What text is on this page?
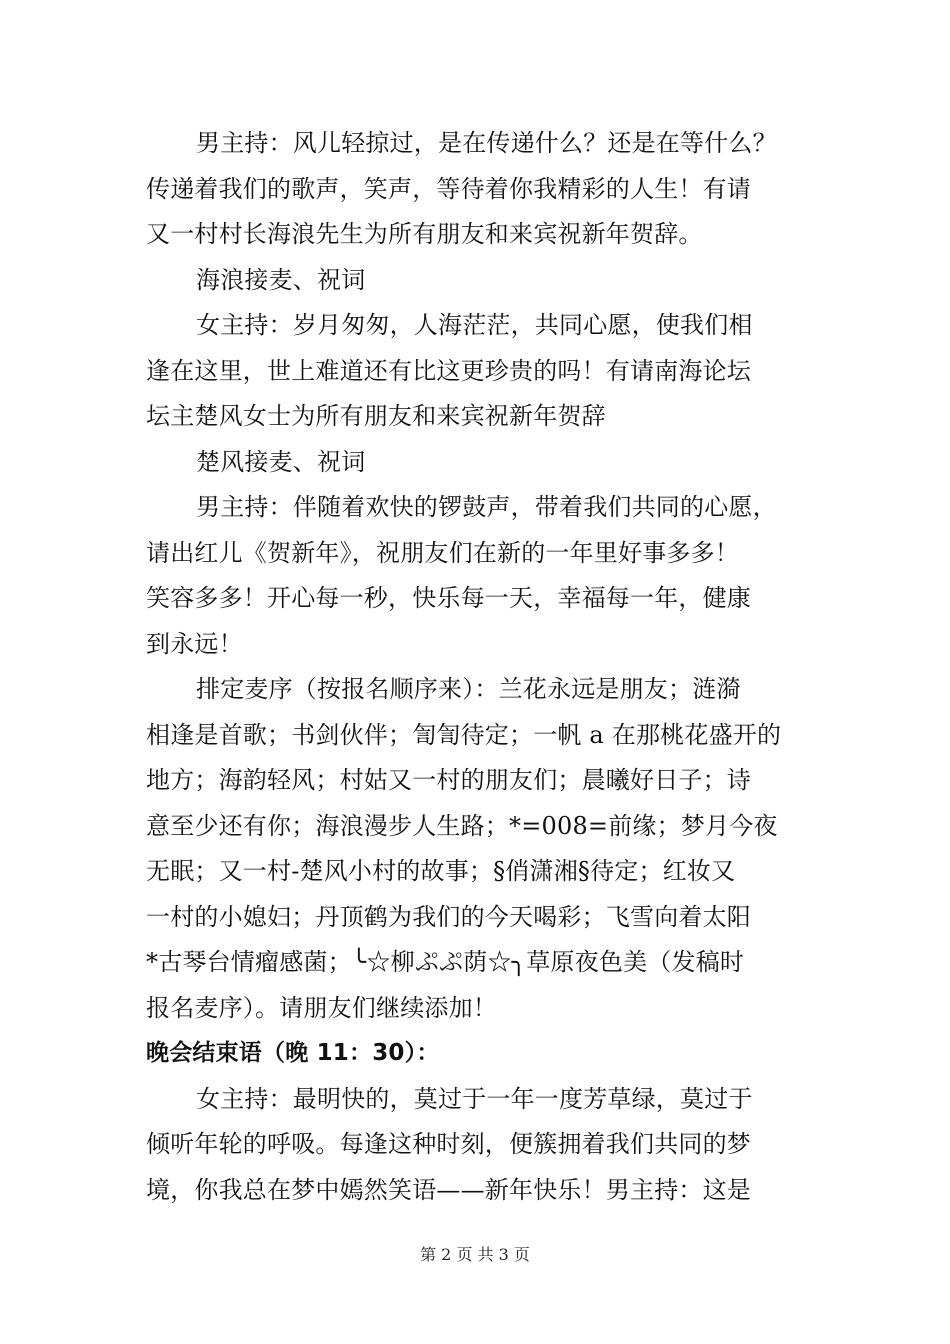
男主持：风儿轻掠过，是在传递什么？还是在等什么？
传递着我们的歌声，笑声，等待着你我精彩的人生！有请
又一村村长海浪先生为所有朋友和来宾祝新年贺辞。
海浪接麦、祝词
女主持：岁月匆匆，人海茫茫，共同心愿，使我们相
逢在这里，世上难道还有比这更珍贵的吗！有请南海论坛
坛主楚风女士为所有朋友和来宾祝新年贺辞
楚风接麦、祝词
男主持：伴随着欢快的锣鼓声，带着我们共同的心愿，
请出红儿《贺新年》，祝朋友们在新的一年里好事多多！
笑容多多！开心每一秒，快乐每一天，幸福每一年，健康
到永远！
排定麦序（按报名顺序来）：兰花永远是朋友；涟漪
相逢是首歌；书剑伙伴；訇訇待定；一帆 a 在那桃花盛开的
地方；海韵轻风；村姑又一村的朋友们；晨曦好日子；诗
意至少还有你；海浪漫步人生路；*=008=前缘；梦月今夜
无眠；又一村-楚风小村的故事；§俏潇湘§待定；红妆又
一村的小媳妇；丹顶鹤为我们的今天喝彩；飞雪向着太阳
*古琴台情瘤感菌；╰☆柳ぷぷ荫☆╮草原夜色美（发稿时
报名麦序）。请朋友们继续添加！
晚会结束语（晚 11：30）：
女主持：最明快的，莫过于一年一度芳草绿，莫过于
倾听年轮的呼吸。每逢这种时刻，便簇拥着我们共同的梦
境，你我总在梦中嫣然笑语——新年快乐！男主持：这是
第 2 页 共 3 页
